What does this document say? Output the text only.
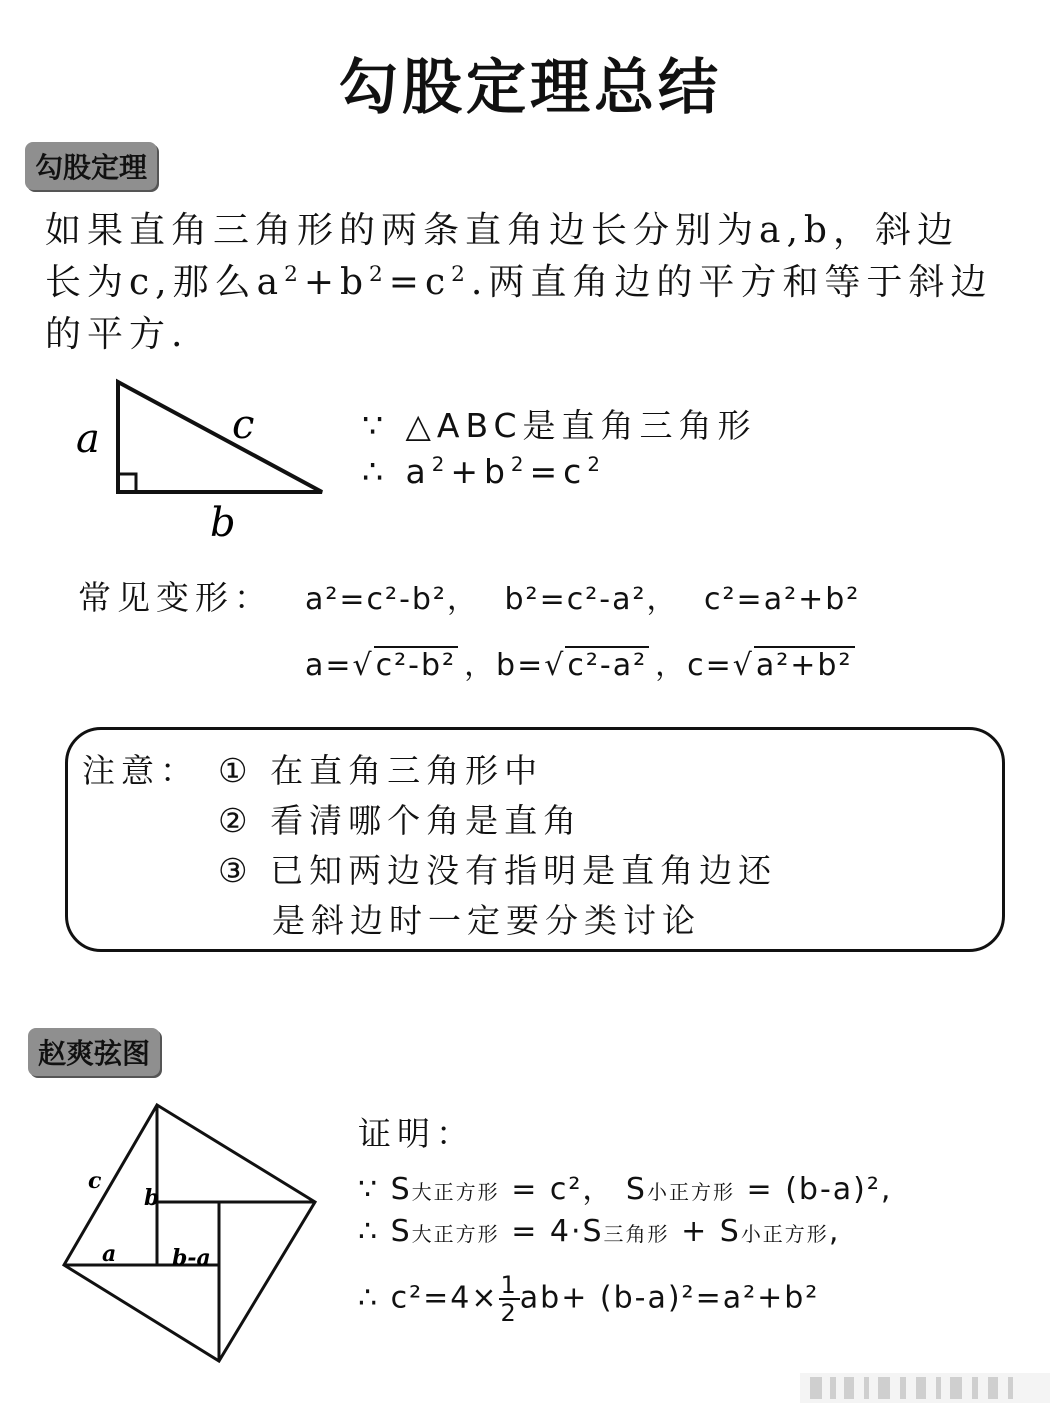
勾股定理总结
勾股定理
如果直角三角形的两条直角边长分别为a,b，斜边
长为c,那么$a^2+b^2=c^2$.两直角边的平方和等于斜边
的平方.
a	c
b
∵ △ABC是直角三角形
∴ $a^2+b^2=c^2$
常见变形： a²=c²-b²， b²=c²-a²， c²=a²+b²
a=√c²-b² ，b=√c²-a² ，c=√a²+b²
注意： ① 在直角三角形中
② 看清哪个角是直角
③ 已知两边没有指明是直角边还
是斜边时一定要分类讨论
赵爽弦图
c
b
a	b-a
证明：
∵ S大正方形 = c²， S小正方形 = (b-a)²,
∴ S大正方形 = 4·S三角形 + S小正方形,
∴ $c^2=4\times \frac{1}{2} ab+ (b-a)^2=a^2+b^2$
